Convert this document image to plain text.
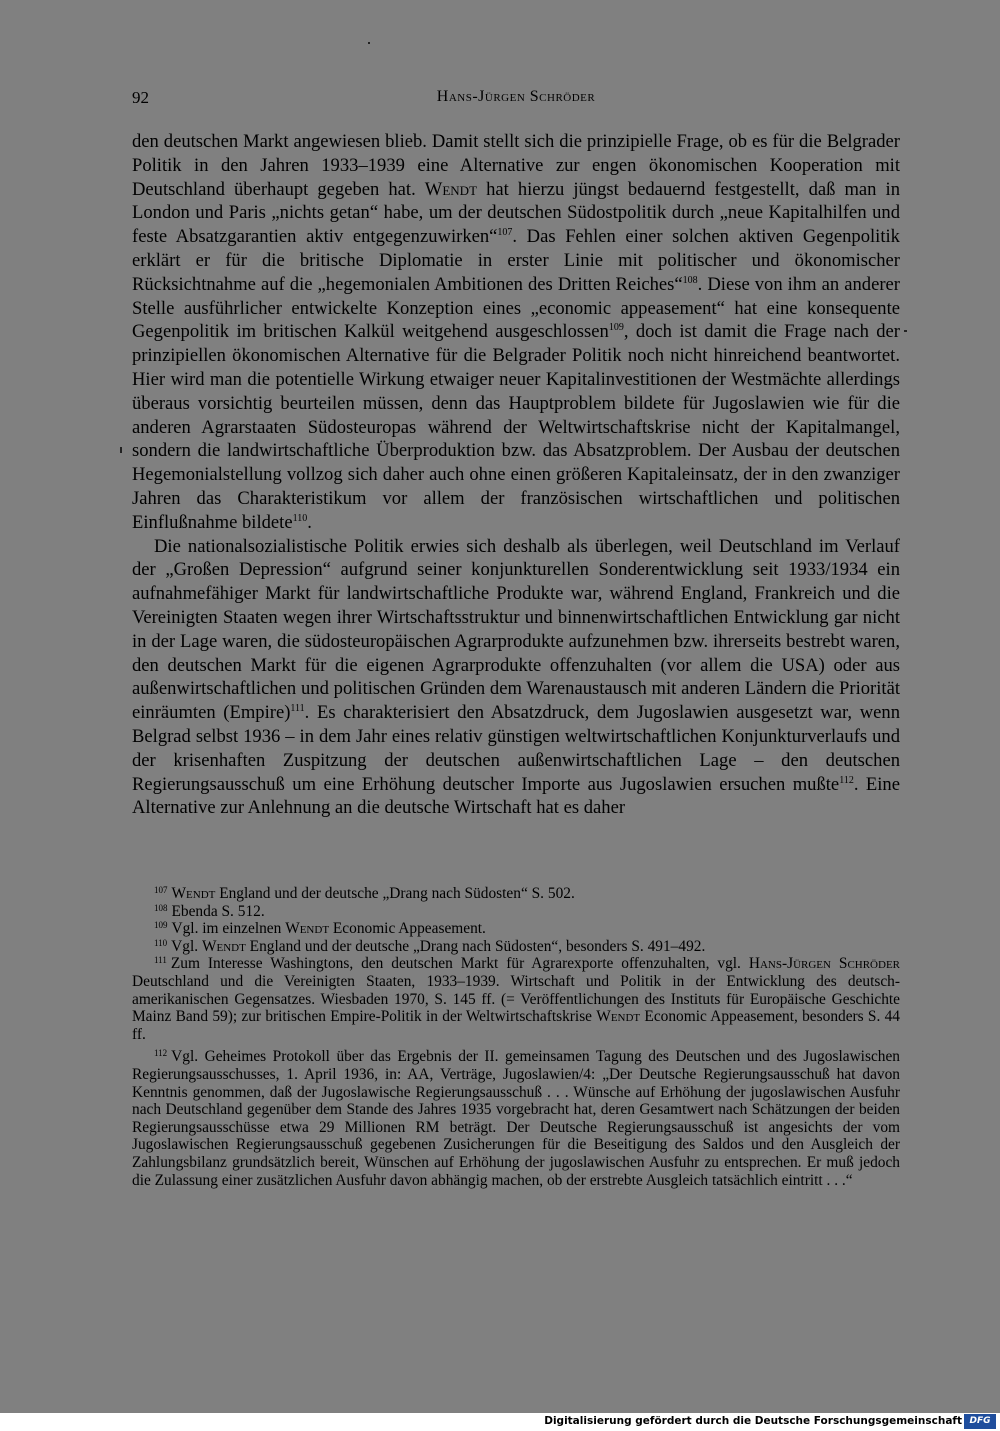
92	Hans-Jürgen Schröder

den deutschen Markt angewiesen blieb. Damit stellt sich die prinzipielle Frage, ob es für die Belgrader Politik in den Jahren 1933–1939 eine Alternative zur engen ökonomischen Kooperation mit Deutschland überhaupt gegeben hat. Wendt hat hierzu jüngst bedauernd festgestellt, daß man in London und Paris „nichts getan“ habe, um der deutschen Südostpolitik durch „neue Kapitalhilfen und feste Absatzgarantien aktiv entgegenzuwirken“$^{107}$. Das Fehlen einer solchen aktiven Gegenpolitik erklärt er für die britische Diplomatie in erster Linie mit politischer und ökonomischer Rücksichtnahme auf die „hegemonialen Ambitionen des Dritten Reiches“$^{108}$. Diese von ihm an anderer Stelle ausführlicher entwickelte Konzeption eines „economic appeasement“ hat eine konsequente Gegenpolitik im britischen Kalkül weitgehend ausgeschlossen$^{109}$, doch ist damit die Frage nach der prinzipiellen ökonomischen Alternative für die Belgrader Politik noch nicht hinreichend beantwortet. Hier wird man die potentielle Wirkung etwaiger neuer Kapitalinvestitionen der Westmächte allerdings überaus vorsichtig beurteilen müssen, denn das Hauptproblem bildete für Jugoslawien wie für die anderen Agrarstaaten Südosteuropas während der Weltwirtschaftskrise nicht der Kapitalmangel, sondern die landwirtschaftliche Überproduktion bzw. das Absatzproblem. Der Ausbau der deutschen Hegemonialstellung vollzog sich daher auch ohne einen größeren Kapitaleinsatz, der in den zwanziger Jahren das Charakteristikum vor allem der französischen wirtschaftlichen und politischen Einflußnahme bildete$^{110}$.

Die nationalsozialistische Politik erwies sich deshalb als überlegen, weil Deutschland im Verlauf der „Großen Depression“ aufgrund seiner konjunkturellen Sonderentwicklung seit 1933/1934 ein aufnahmefähiger Markt für landwirtschaftliche Produkte war, während England, Frankreich und die Vereinigten Staaten wegen ihrer Wirtschaftsstruktur und binnenwirtschaftlichen Entwicklung gar nicht in der Lage waren, die südosteuropäischen Agrarprodukte aufzunehmen bzw. ihrerseits bestrebt waren, den deutschen Markt für die eigenen Agrarprodukte offenzuhalten (vor allem die USA) oder aus außenwirtschaftlichen und politischen Gründen dem Warenaustausch mit anderen Ländern die Priorität einräumten (Empire)$^{111}$. Es charakterisiert den Absatzdruck, dem Jugoslawien ausgesetzt war, wenn Belgrad selbst 1936 – in dem Jahr eines relativ günstigen weltwirtschaftlichen Konjunkturverlaufs und der krisenhaften Zuspitzung der deutschen außenwirtschaftlichen Lage – den deutschen Regierungsausschuß um eine Erhöhung deutscher Importe aus Jugoslawien ersuchen mußte$^{112}$. Eine Alternative zur Anlehnung an die deutsche Wirtschaft hat es daher

$^{107}$ Wendt England und der deutsche „Drang nach Südosten“ S. 502.

$^{108}$ Ebenda S. 512.

$^{109}$ Vgl. im einzelnen Wendt Economic Appeasement.

$^{110}$ Vgl. Wendt England und der deutsche „Drang nach Südosten“, besonders S. 491–492.

$^{111}$ Zum Interesse Washingtons, den deutschen Markt für Agrarexporte offenzuhalten, vgl. Hans-Jürgen Schröder Deutschland und die Vereinigten Staaten, 1933–1939. Wirtschaft und Politik in der Entwicklung des deutsch-amerikanischen Gegensatzes. Wiesbaden 1970, S. 145 ff. (= Veröffentlichungen des Instituts für Europäische Geschichte Mainz Band 59); zur britischen Empire-Politik in der Weltwirtschaftskrise Wendt Economic Appeasement, besonders S. 44 ff.

$^{112}$ Vgl. Geheimes Protokoll über das Ergebnis der II. gemeinsamen Tagung des Deutschen und des Jugoslawischen Regierungsausschusses, 1. April 1936, in: AA, Verträge, Jugoslawien/4: „Der Deutsche Regierungsausschuß hat davon Kenntnis genommen, daß der Jugoslawische Regierungsausschuß . . . Wünsche auf Erhöhung der jugoslawischen Ausfuhr nach Deutschland gegenüber dem Stande des Jahres 1935 vorgebracht hat, deren Gesamtwert nach Schätzungen der beiden Regierungsausschüsse etwa 29 Millionen RM beträgt. Der Deutsche Regierungsausschuß ist angesichts der vom Jugoslawischen Regierungsausschuß gegebenen Zusicherungen für die Beseitigung des Saldos und den Ausgleich der Zahlungsbilanz grundsätzlich bereit, Wünschen auf Erhöhung der jugoslawischen Ausfuhr zu entsprechen. Er muß jedoch die Zulassung einer zusätzlichen Ausfuhr davon abhängig machen, ob der erstrebte Ausgleich tatsächlich eintritt . . .“

Digitalisierung gefördert durch die Deutsche Forschungsgemeinschaft DFG
